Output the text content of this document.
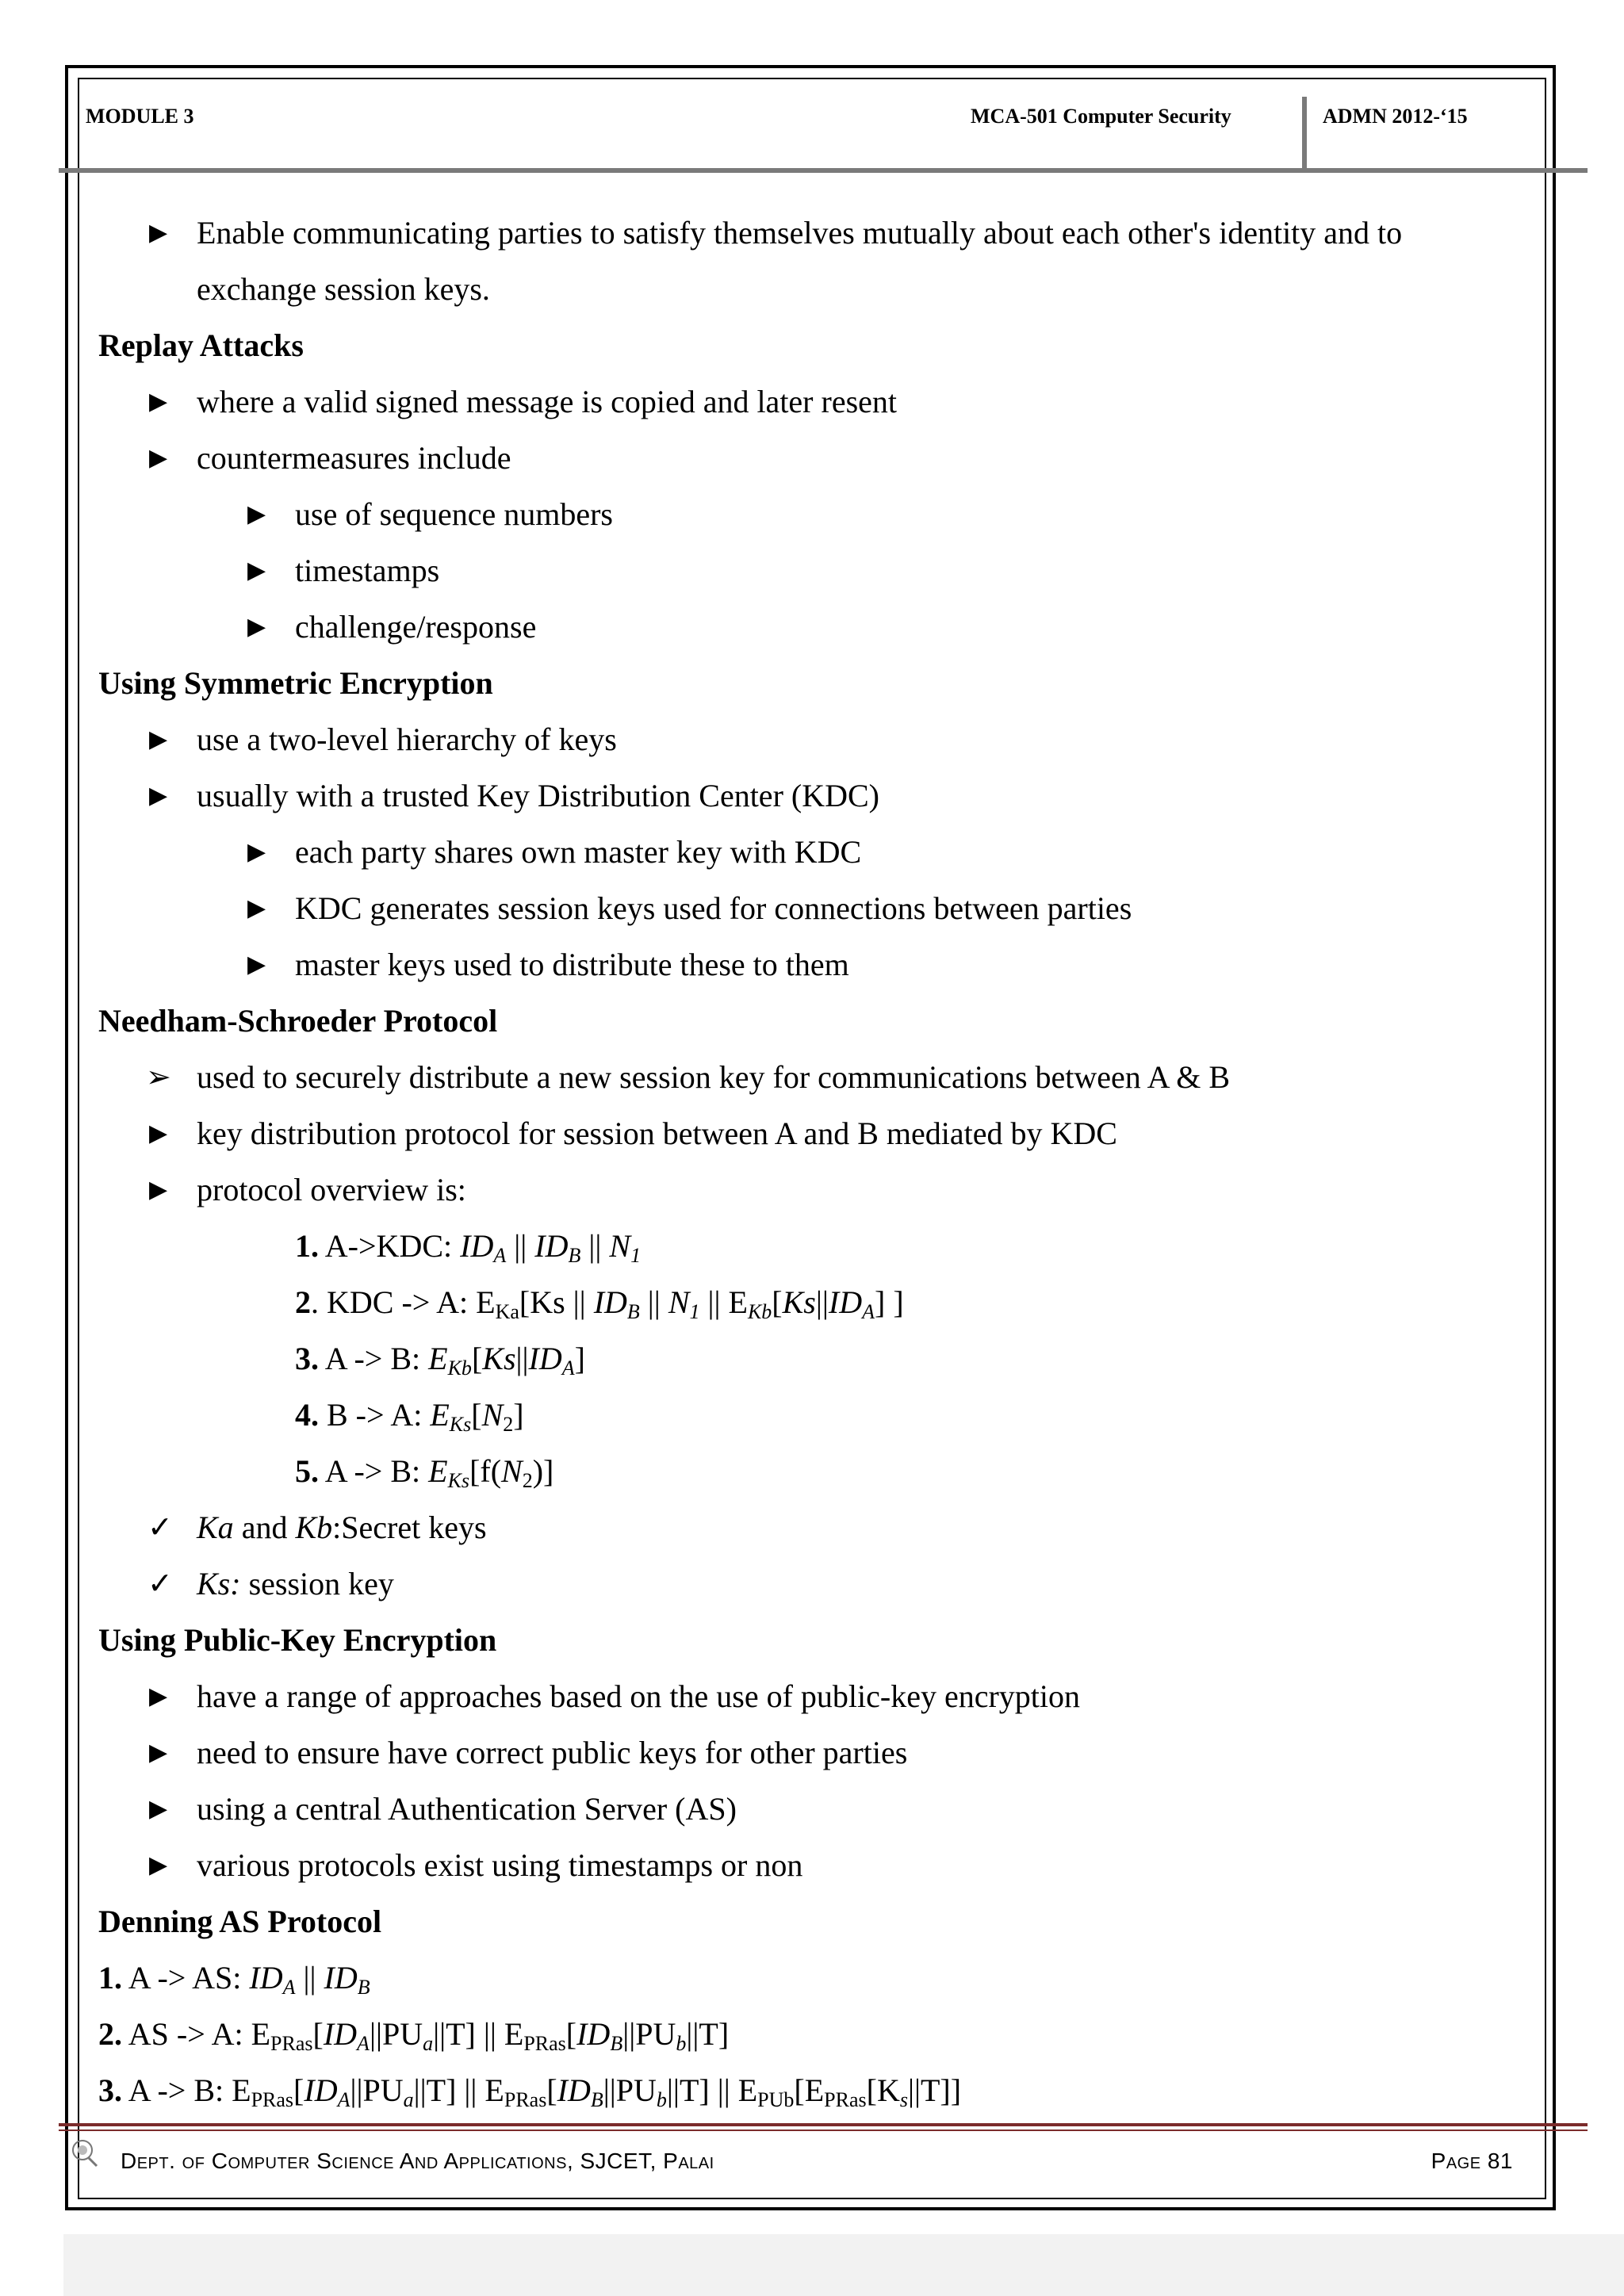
MODULE 3	MCA-501 Computer Security	ADMN 2012-‘15
▶ Enable communicating parties to satisfy themselves mutually about each other's identity and to
exchange session keys.
Replay Attacks
▶ where a valid signed message is copied and later resent
▶ countermeasures include
▶ use of sequence numbers
▶ timestamps
▶ challenge/response
Using Symmetric Encryption
▶ use a two-level hierarchy of keys
▶ usually with a trusted Key Distribution Center (KDC)
▶ each party shares own master key with KDC
▶ KDC generates session keys used for connections between parties
▶ master keys used to distribute these to them
Needham-Schroeder Protocol
➢ used to securely distribute a new session key for communications between A & B
▶ key distribution protocol for session between A and B mediated by KDC
▶ protocol overview is:
1. A->KDC: $ID_A$ || $ID_B$ || $N_1$
2. KDC -> A: $E_{Ka}[Ks$ || $ID_B$ || $N_1$ || $E_{Kb}[Ks||ID_A]$ ]
3. A -> B: $E_{Kb}[Ks||ID_A]$
4. B -> A: $E_{Ks}[N_2]$
5. A -> B: $E_{Ks}[f(N_2)]$
✓ Ka and Kb:Secret keys
✓ Ks: session key
Using Public-Key Encryption
▶ have a range of approaches based on the use of public-key encryption
▶ need to ensure have correct public keys for other parties
▶ using a central Authentication Server (AS)
▶ various protocols exist using timestamps or non
Denning AS Protocol
1. A -> AS: $ID_A$ || $ID_B$
2. AS -> A: $E_{PRas}[ID_A||PU_a||T]$ || $E_{PRas}[ID_B||PU_b||T]$
3. A -> B: $E_{PRas}[ID_A||PU_a||T]$ || $E_{PRas}[ID_B||PU_b||T]$ || $E_{PUb}[E_{PRas}[K_s||T]]$
Dept. of Computer Science And Applications, SJCET, Palai	Page 81
